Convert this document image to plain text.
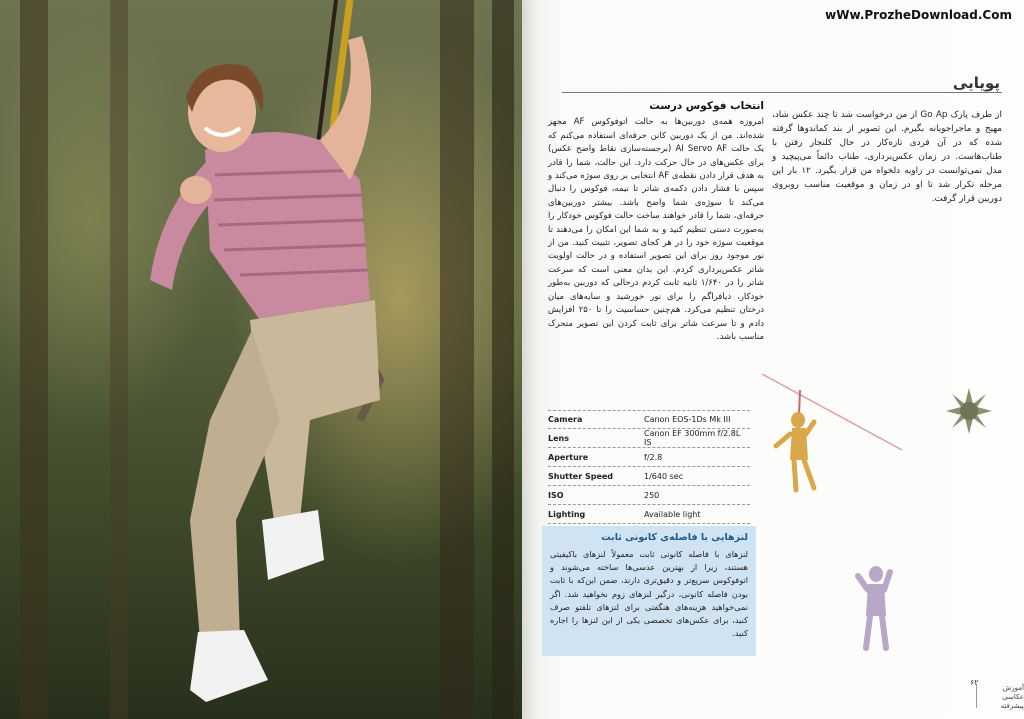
wWw.ProzheDownload.Com
پویایی
از طرف پارک Go Ap از من درخواست شد تا چند عکس شاد، مهیج و ماجراجویانه بگیرم. این تصویر از بند کماندوها گرفته شده که در آن فردی تازه‌کار در حال کلنجار رفتن با طناب‌هاست. در زمان عکس‌برداری، طناب دائماً می‌پیچید و مدل نمی‌توانست در زاویه دلخواه من قرار بگیرد. ۱۲ بار این مرحله تکرار شد تا او در زمان و موقعیت مناسب روبروی دوربین قرار گرفت.
انتخاب فوکوس درست
امروزه همه‌ی دوربین‌ها به حالت اتوفوکوس AF مجهز شده‌اند. من از یک دوربین کانن حرفه‌ای استفاده می‌کنم که یک حالت AI Servo AF (برجسته‌سازی نقاط واضح عکس) برای عکس‌های در حال حرکت دارد. این حالت، شما را قادر به هدف قرار دادن نقطه‌ی AF انتخابی بر روی سوژه می‌کند و سپس با فشار دادن دکمه‌ی شاتر تا نیمه، فوکوس را دنبال می‌کند تا سوژه‌ی شما واضح باشد. بیشتر دوربین‌های حرفه‌ای، شما را قادر خواهند ساخت حالت فوکوس خودکار را به‌صورت دستی تنظیم کنید و به شما این امکان را می‌دهند تا موقعیت سوژه خود را در هر کجای تصویر، تثبیت کنید. من از نور موجود روز برای این تصویر استفاده و در حالت اولویت شاتر عکس‌برداری کردم. این بدان معنی است که سرعت شاتر را در ۱/۶۴۰ ثانیه ثابت کردم درحالی که دوربین به‌طور خودکار، دیافراگم را برای نور خورشید و سایه‌های میان درختان تنظیم می‌کرد. هم‌چنین حساسیت را تا ۲۵۰ افزایش دادم و تا سرعت شاتر برای ثابت کردن این تصویر متحرک مناسب باشد.
Camera	Canon EOS-1Ds Mk III
Lens	Canon EF 300mm f/2.8L IS
Aperture	f/2.8
Shutter Speed	1/640 sec
ISO	250
Lighting	Available light
لنزهایی با فاصله‌ی کانونی ثابت
لنزهای با فاصله کانونی ثابت معمولاً لنزهای باکیفیتی هستند، زیرا از بهترین عدسی‌ها ساخته می‌شوند و اتوفوکوس سریع‌تر و دقیق‌تری دارند، ضمن این‌که با ثابت بودن فاصله کانونی، درگیر لنزهای زوم نخواهید شد. اگر نمی‌خواهید هزینه‌های هنگفتی برای لنزهای تلفتو صرف کنید، برای عکس‌های تخصصی یکی از این لنزها را اجاره کنید.
۶۲
آموزش عکاسی پیشرفته
